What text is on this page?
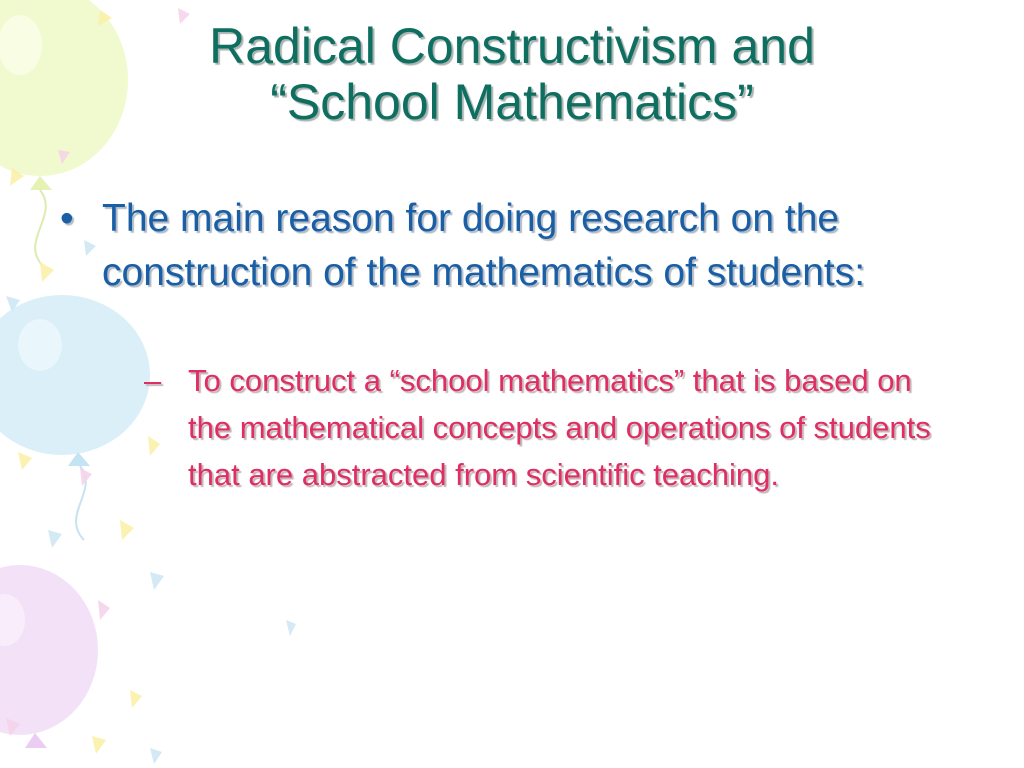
Radical Constructivism and
“School Mathematics”
• The main reason for doing research on the construction of the mathematics of students:
– To construct a “school mathematics” that is based on the mathematical concepts and operations of students that are abstracted from scientific teaching.
